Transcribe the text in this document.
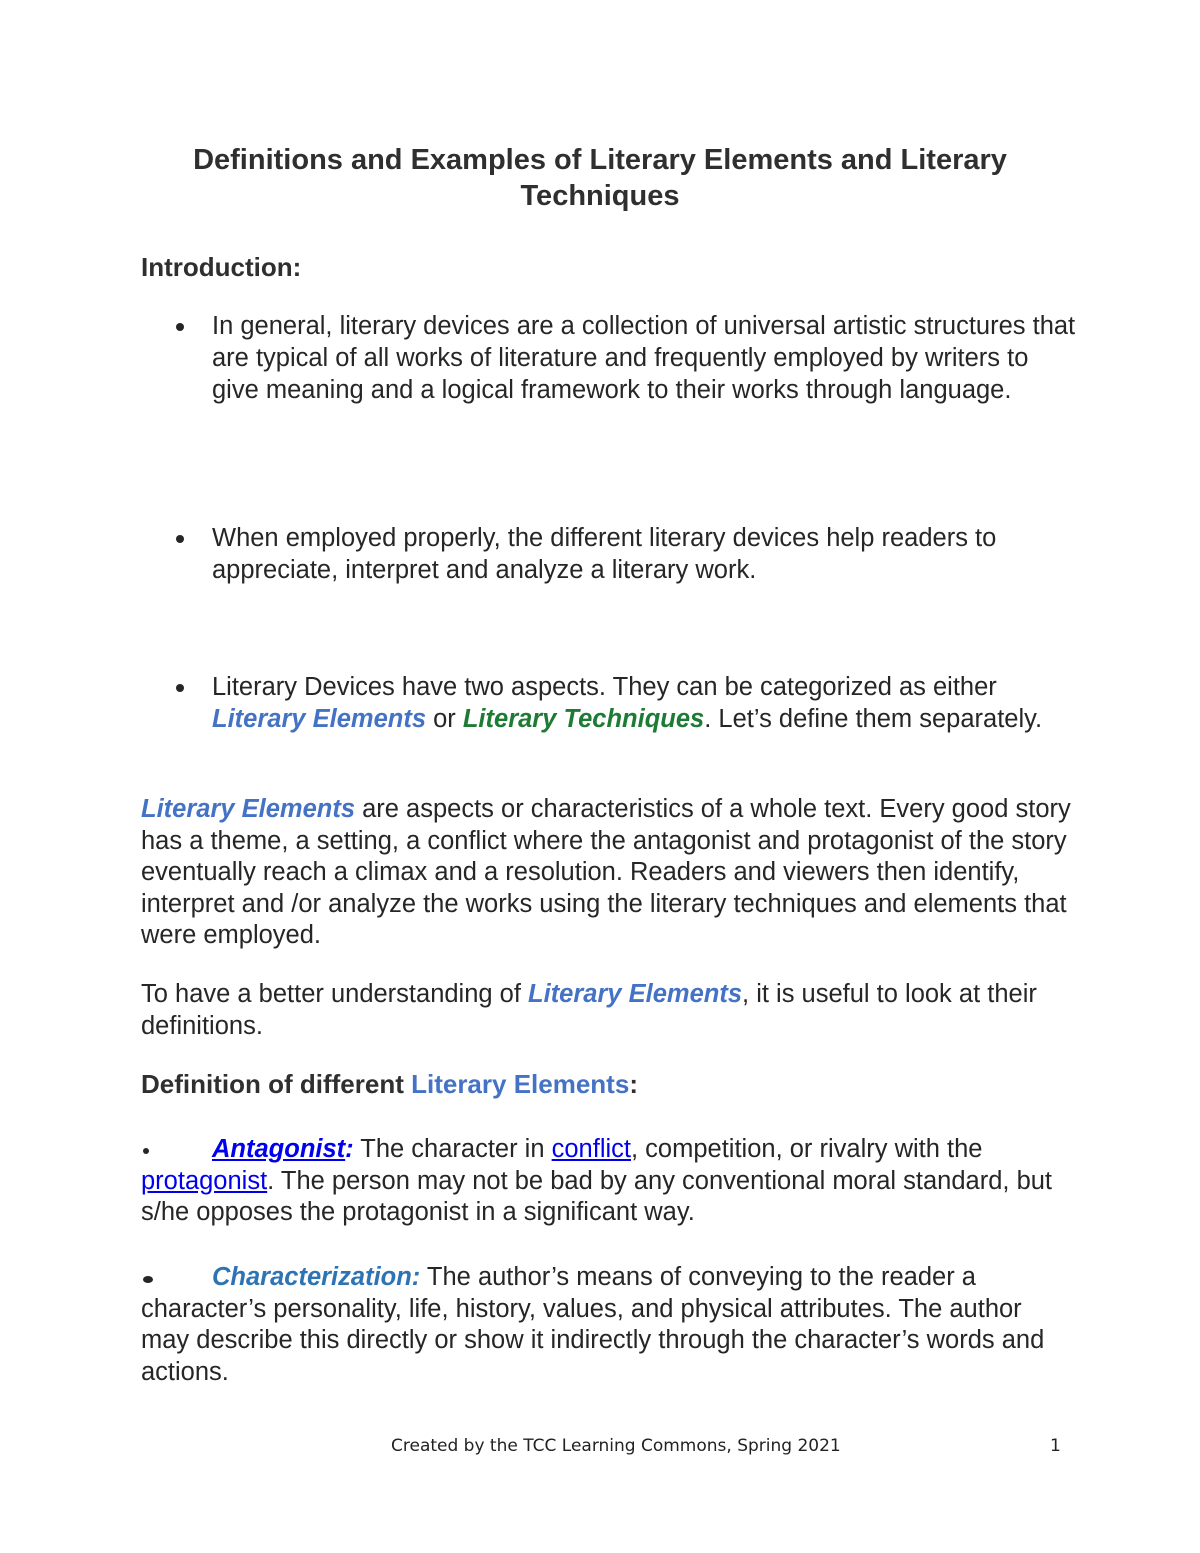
Definitions and Examples of Literary Elements and Literary
Techniques
Introduction:
In general, literary devices are a collection of universal artistic structures that are typical of all works of literature and frequently employed by writers to give meaning and a logical framework to their works through language.
When employed properly, the different literary devices help readers to appreciate, interpret and analyze a literary work.
Literary Devices have two aspects. They can be categorized as either Literary Elements or Literary Techniques. Let’s define them separately.
Literary Elements are aspects or characteristics of a whole text. Every good story has a theme, a setting, a conflict where the antagonist and protagonist of the story eventually reach a climax and a resolution. Readers and viewers then identify, interpret and /or analyze the works using the literary techniques and elements that were employed.
To have a better understanding of Literary Elements, it is useful to look at their definitions.
Definition of different Literary Elements:
Antagonist: The character in conflict, competition, or rivalry with the protagonist. The person may not be bad by any conventional moral standard, but s/he opposes the protagonist in a significant way.
Characterization: The author’s means of conveying to the reader a character’s personality, life, history, values, and physical attributes. The author may describe this directly or show it indirectly through the character’s words and actions.
Created by the TCC Learning Commons, Spring 2021	1
